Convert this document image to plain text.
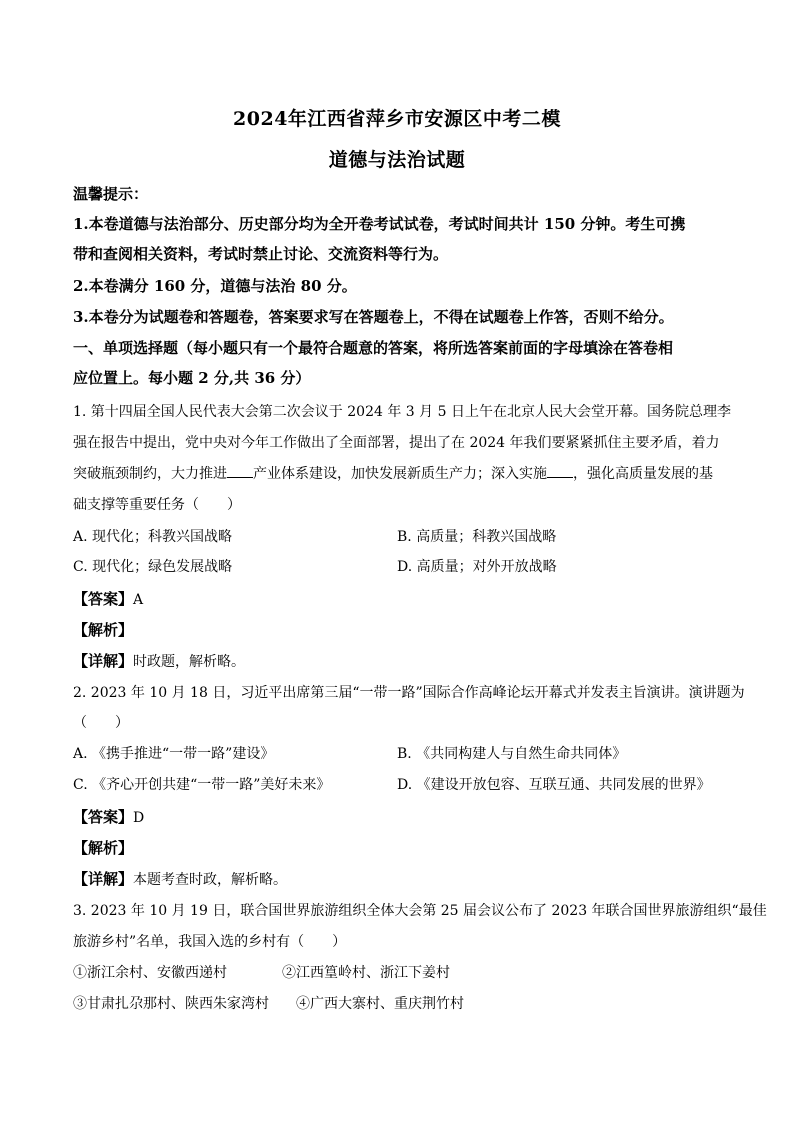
2024年江西省萍乡市安源区中考二模
道德与法治试题
温馨提示：
1.本卷道德与法治部分、历史部分均为全开卷考试试卷，考试时间共计 150 分钟。考生可携
带和查阅相关资料，考试时禁止讨论、交流资料等行为。
2.本卷满分 160 分，道德与法治 80 分。
3.本卷分为试题卷和答题卷，答案要求写在答题卷上，不得在试题卷上作答，否则不给分。
一、单项选择题（每小题只有一个最符合题意的答案，将所选答案前面的字母填涂在答卷相
应位置上。每小题 2 分,共 36 分）
1. 第十四届全国人民代表大会第二次会议于 2024 年 3 月 5 日上午在北京人民大会堂开幕。国务院总理李
强在报告中提出，党中央对今年工作做出了全面部署，提出了在 2024 年我们要紧紧抓住主要矛盾，着力
突破瓶颈制约，大力推进 产业体系建设，加快发展新质生产力；深入实施 ，强化高质量发展的基
础支撑等重要任务（　　）
A. 现代化；科教兴国战略	B. 高质量；科教兴国战略
C. 现代化；绿色发展战略	D. 高质量；对外开放战略
【答案】A
【解析】
【详解】时政题，解析略。
2. 2023 年 10 月 18 日，习近平出席第三届“一带一路”国际合作高峰论坛开幕式并发表主旨演讲。演讲题为
（　　）
A. 《携手推进“一带一路”建设》	B. 《共同构建人与自然生命共同体》
C. 《齐心开创共建“一带一路”美好未来》	D. 《建设开放包容、互联互通、共同发展的世界》
【答案】D
【解析】
【详解】本题考查时政，解析略。
3. 2023 年 10 月 19 日，联合国世界旅游组织全体大会第 25 届会议公布了 2023 年联合国世界旅游组织“最佳
旅游乡村”名单，我国入选的乡村有（　　）
①浙江余村、安徽西递村	②江西篁岭村、浙江下姜村
③甘肃扎尕那村、陕西朱家湾村 ④广西大寨村、重庆荆竹村
